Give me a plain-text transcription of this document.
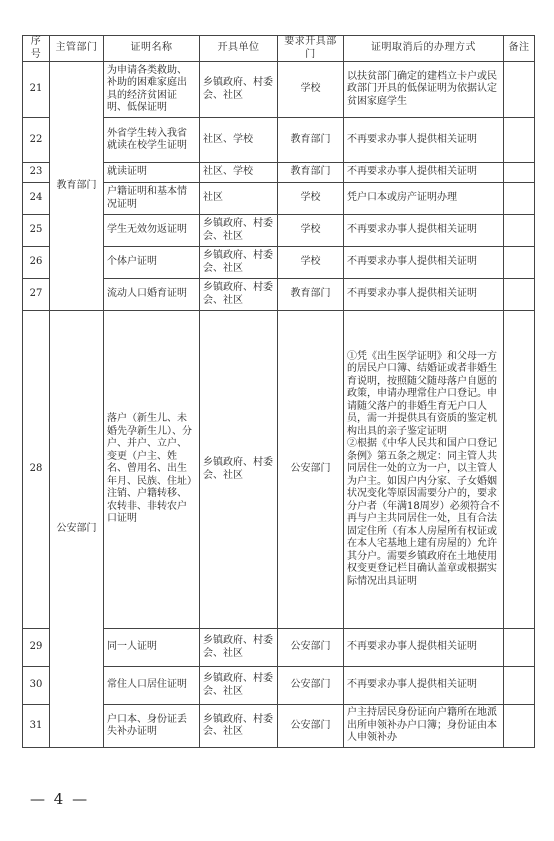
序号	主管部门	证明名称	开具单位	要求开具部门	证明取消后的办理方式	备注
21	教育部门	为申请各类救助、补助的困难家庭出具的经济贫困证明、低保证明	乡镇政府、村委会、社区	学校	以扶贫部门确定的建档立卡户或民政部门开具的低保证明为依据认定贫困家庭学生	
22		外省学生转入我省就读在校学生证明	社区、学校	教育部门	不再要求办事人提供相关证明	
23		就读证明	社区、学校	教育部门	不再要求办事人提供相关证明	
24		户籍证明和基本情况证明	社区	学校	凭户口本或房产证明办理	
25		学生无效勿返证明	乡镇政府、村委会、社区	学校	不再要求办事人提供相关证明	
26		个体户证明	乡镇政府、村委会、社区	学校	不再要求办事人提供相关证明	
27		流动人口婚育证明	乡镇政府、村委会、社区	教育部门	不再要求办事人提供相关证明	
28	公安部门	落户（新生儿、未婚先孕新生儿）、分户、并户、立户、变更（户主、姓名、曾用名、出生年月、民族、住址）注销、户籍转移、农转非、非转农户口证明	乡镇政府、村委会、社区	公安部门	①凭《出生医学证明》和父母一方的居民户口簿、结婚证或者非婚生育说明，按照随父随母落户自愿的政策，申请办理常住户口登记。申请随父落户的非婚生育无户口人员，需一并提供具有资质的鉴定机构出具的亲子鉴定证明
②根据《中华人民共和国户口登记条例》第五条之规定：同主管人共同居住一处的立为一户，以主管人为户主。如因户内分家、子女婚姻状况变化等原因需要分户的，要求分户者（年满18周岁）必须符合不再与户主共同居住一处，且有合法固定住所（有本人房屋所有权证或在本人宅基地上建有房屋的）允许其分户。需要乡镇政府在土地使用权变更登记栏目确认盖章或根据实际情况出具证明	
29		同一人证明	乡镇政府、村委会、社区	公安部门	不再要求办事人提供相关证明	
30		常住人口居住证明	乡镇政府、村委会、社区	公安部门	不再要求办事人提供相关证明	
31		户口本、身份证丢失补办证明	乡镇政府、村委会、社区	公安部门	户主持居民身份证向户籍所在地派出所申领补办户口簿；身份证由本人申领补办	
— 4 —
